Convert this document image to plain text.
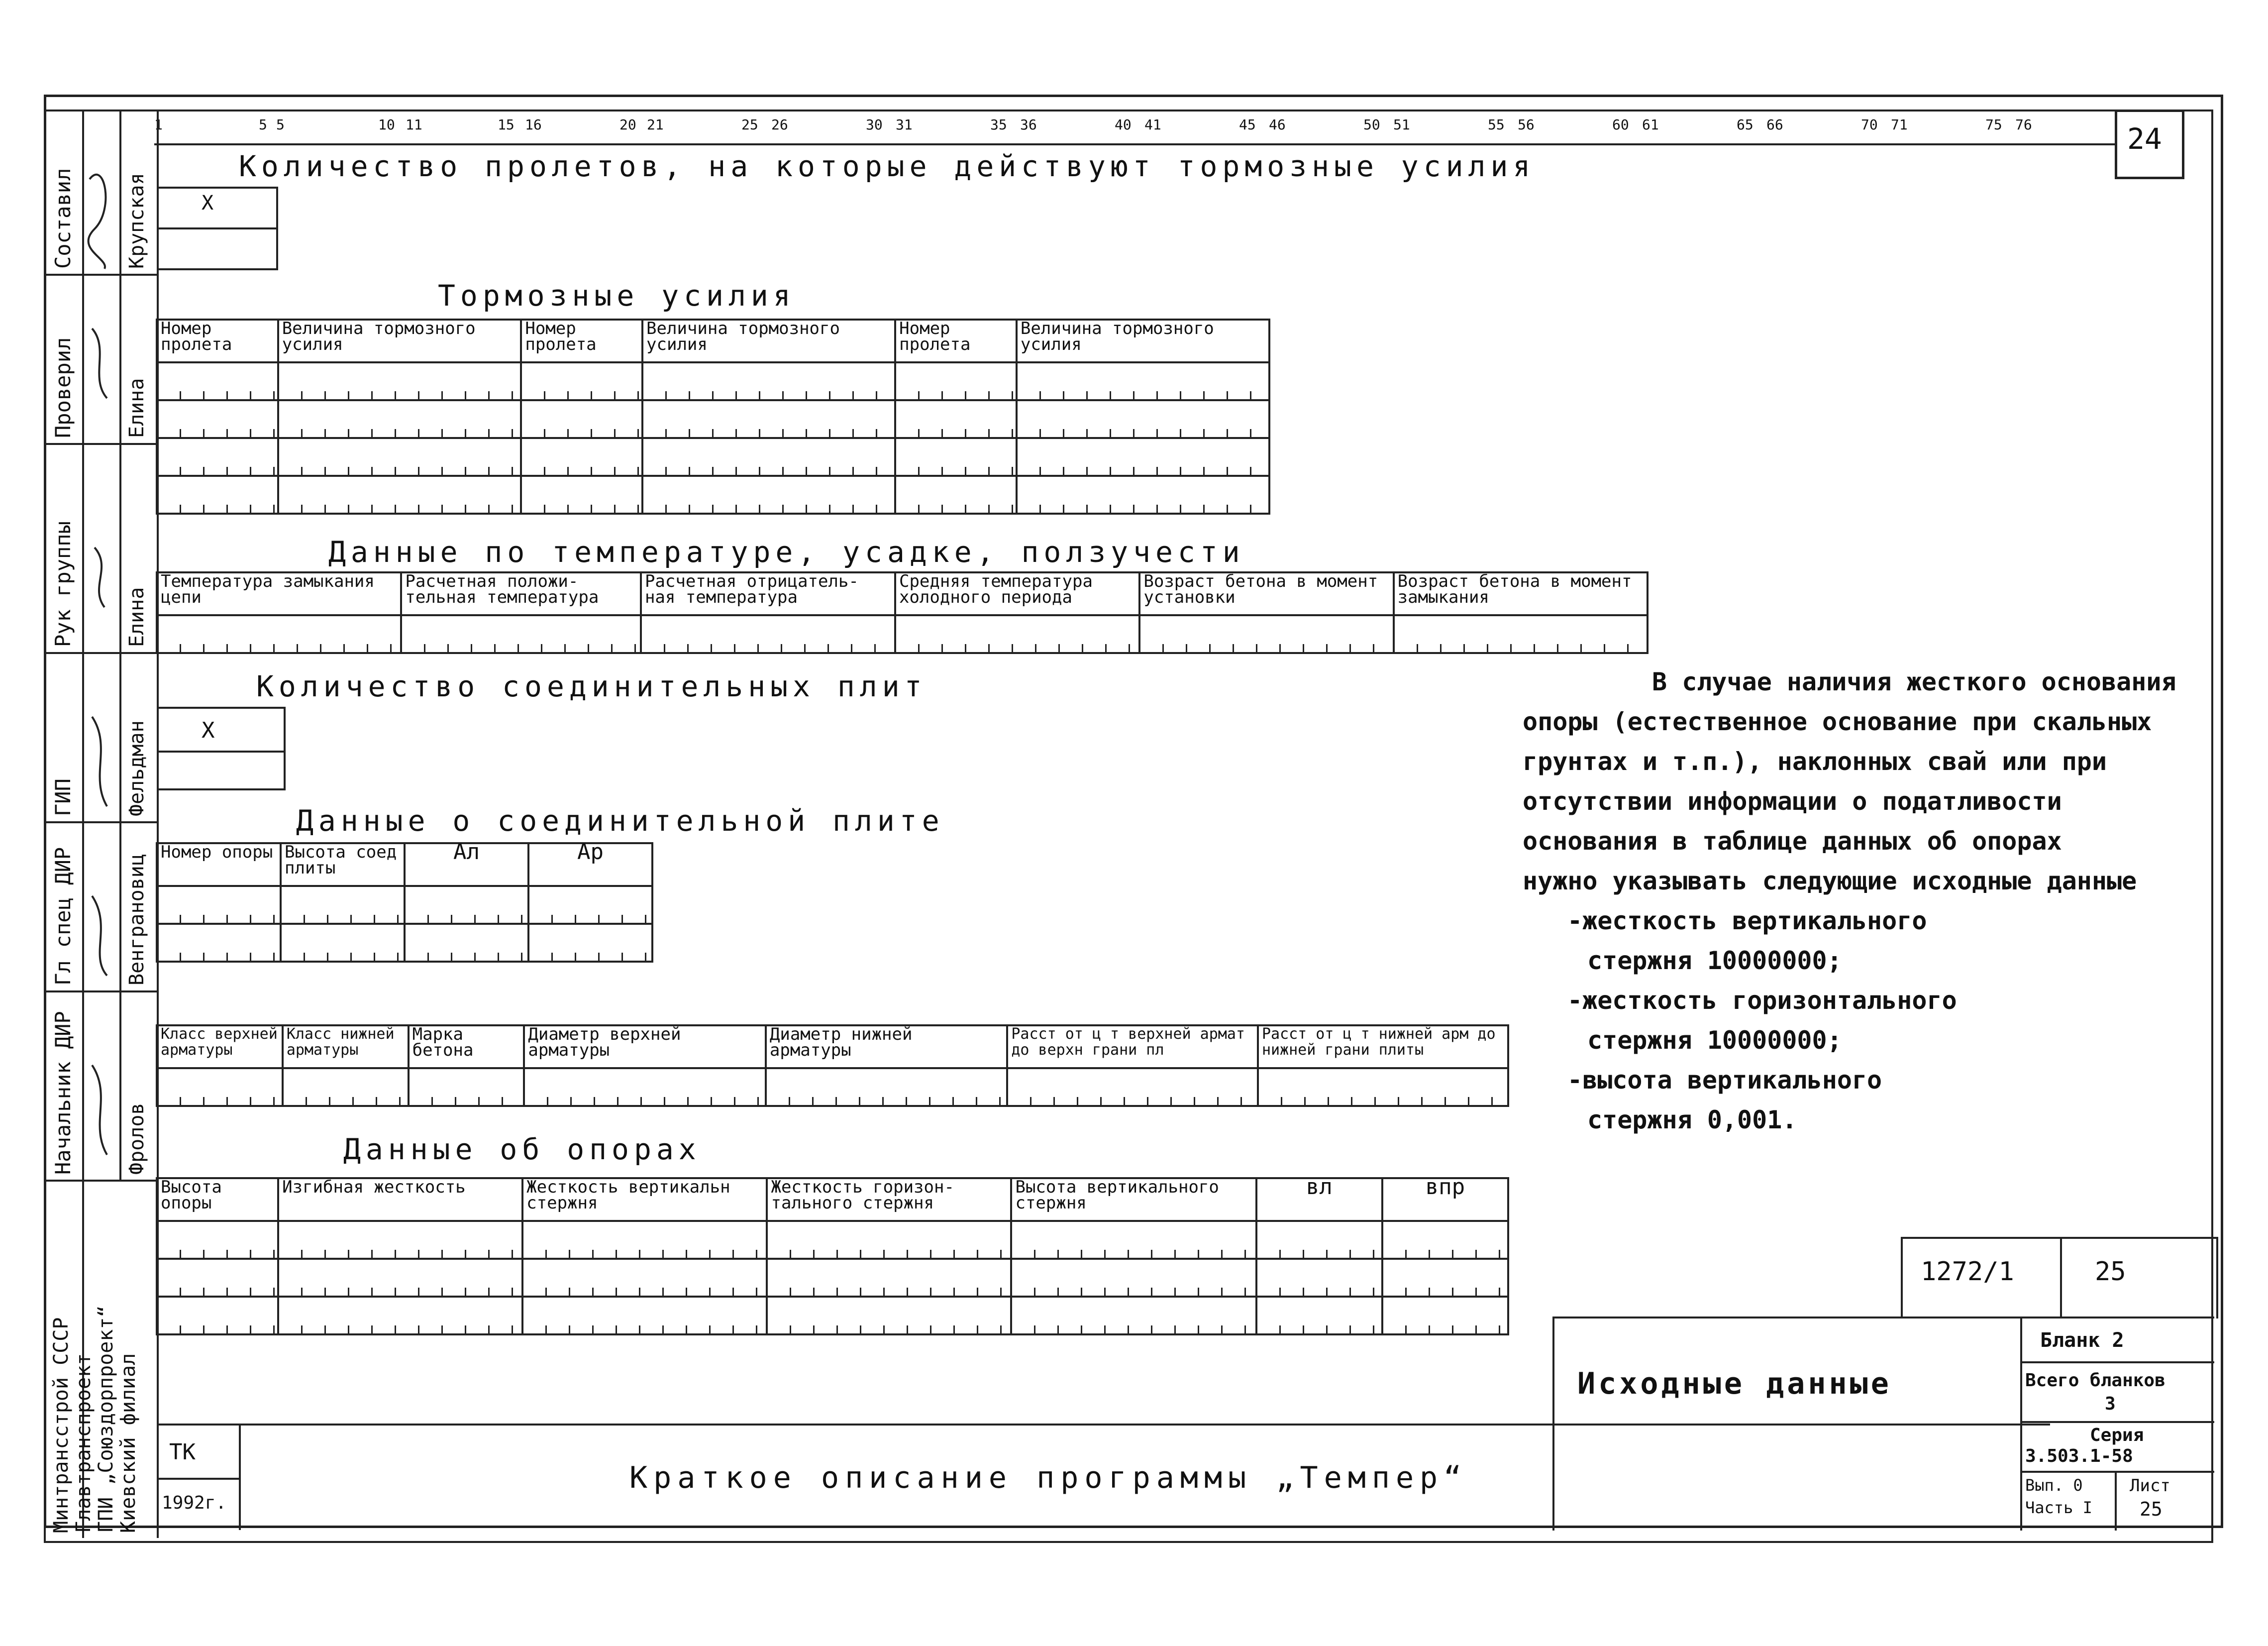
24
1	5 5	10 11	15 16	20 21	25 26	30 31	35 36	40 41	45 46	50 51	55 56	60 61	65 66	70 71	75 76
Составил	Крупская
Проверил	Елина
Рук группы	Елина
ГИП	Фельдман
Гл спец ДИР	Венграновиц
Начальник ДИР	Фролов
Минтрансстрой СССР Главтранспроект ГПИ „Союздорпроект“ Киевский филиал
Количество пролетов, на которые действуют тормозные усилия
X
Тормозные усилия
Номер пролета	Величина тормозного усилия	Номер пролета	Величина тормозного усилия	Номер пролета	Величина тормозного усилия

Данные по температуре, усадке, ползучести
Температура замыкания цепи	Расчетная положи- тельная температура	Расчетная отрицатель- ная температура	Средняя температура холодного периода	Возраст бетона в момент установки	Возраст бетона в момент замыкания

Количество соединительных плит
X
Данные о соединительной плите
Номер опоры	Высота соед плиты	Aл	Ap

Класс верхней арматуры	Класс нижней арматуры	Марка бетона	Диаметр верхней арматуры	Диаметр нижней арматуры	Расст от ц т верхней армат до верхн грани пл	Расст от ц т нижней арм до нижней грани плиты

Данные об опорах
Высота опоры	Изгибная жесткость	Жесткость вертикальн стержня	Жесткость горизон- тального стержня	Высота вертикального стержня	вл	впр

В случае наличия жесткого основания
опоры (естественное основание при скальных
грунтах и т.п.), наклонных свай или при
отсутствии информации о податливости
основания в таблице данных об опорах
нужно указывать следующие исходные данные
-жесткость вертикального
стержня 10000000;
-жесткость горизонтального
стержня 10000000;
-высота вертикального
стержня 0,001.
1272/1	25
Исходные данные
Бланк 2
Всего бланков
3
Серия
3.503.1-58
Вып. 0
Часть I
Лист
25
ТК
1992г.
Краткое описание программы „Темпер“
